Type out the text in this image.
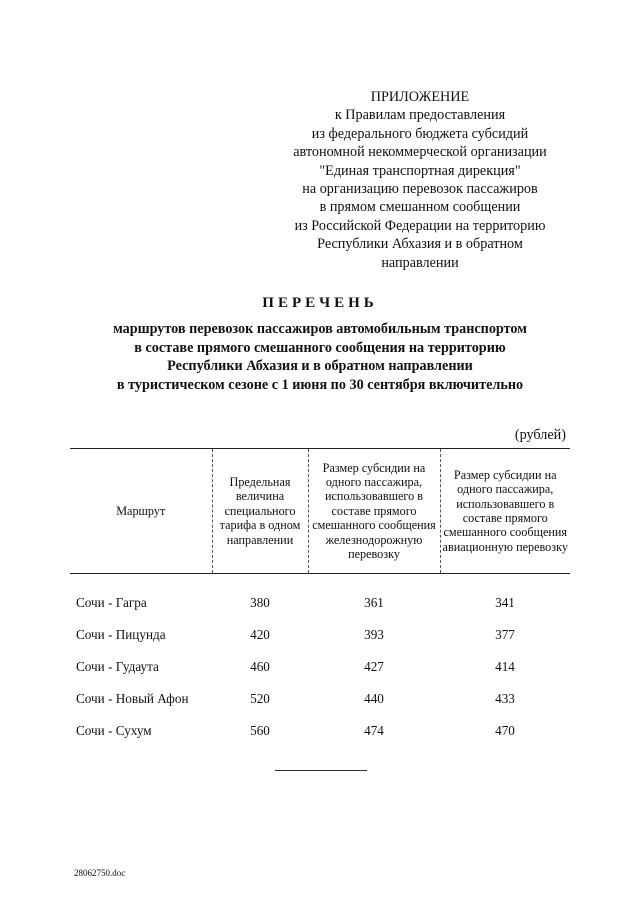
ПРИЛОЖЕНИЕ
к Правилам предоставления
из федерального бюджета субсидий
автономной некоммерческой организации
"Единая транспортная дирекция"
на организацию перевозок пассажиров
в прямом смешанном сообщении
из Российской Федерации на территорию
Республики Абхазия и в обратном
направлении
ПЕРЕЧЕНЬ
маршрутов перевозок пассажиров автомобильным транспортом
в составе прямого смешанного сообщения на территорию
Республики Абхазия и в обратном направлении
в туристическом сезоне с 1 июня по 30 сентября включительно
(рублей)
Маршрут	Предельная величина специального тарифа в одном направлении	Размер субсидии на одного пассажира, использовавшего в составе прямого смешанного сообщения железнодорожную перевозку	Размер субсидии на одного пассажира, использовавшего в составе прямого смешанного сообщения авиационную перевозку
Сочи - Гагра	380	361	341
Сочи - Пицунда	420	393	377
Сочи - Гудаута	460	427	414
Сочи - Новый Афон	520	440	433
Сочи - Сухум	560	474	470
28062750.doc
